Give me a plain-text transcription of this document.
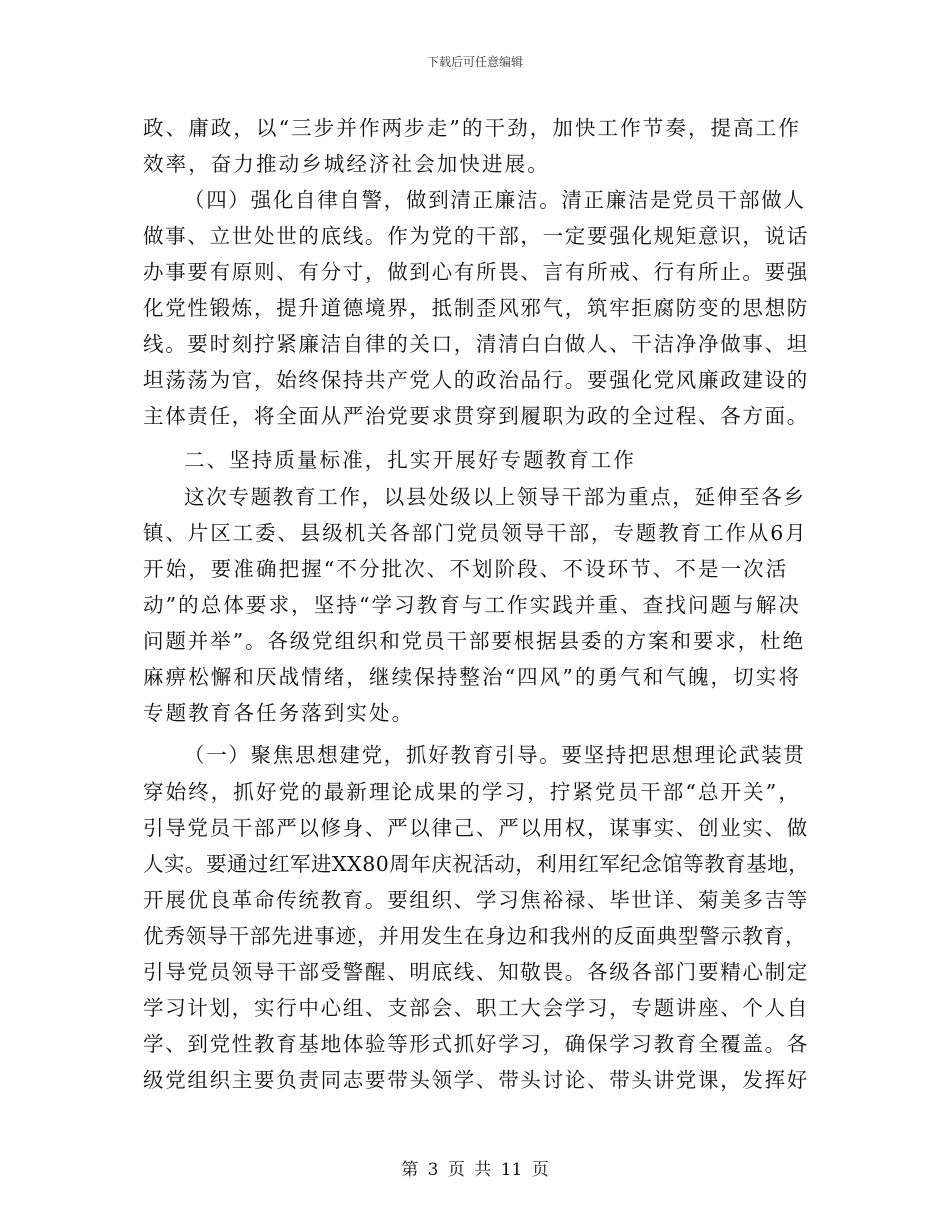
下载后可任意编辑
政、庸政，以“三步并作两步走”的干劲，加快工作节奏，提高工作
效率，奋力推动乡城经济社会加快进展。
（四）强化自律自警，做到清正廉洁。清正廉洁是党员干部做人
做事、立世处世的底线。作为党的干部，一定要强化规矩意识，说话
办事要有原则、有分寸，做到心有所畏、言有所戒、行有所止。要强
化党性锻炼，提升道德境界，抵制歪风邪气，筑牢拒腐防变的思想防
线。要时刻拧紧廉洁自律的关口，清清白白做人、干洁净净做事、坦
坦荡荡为官，始终保持共产党人的政治品行。要强化党风廉政建设的
主体责任，将全面从严治党要求贯穿到履职为政的全过程、各方面。
二、坚持质量标准，扎实开展好专题教育工作
这次专题教育工作，以县处级以上领导干部为重点，延伸至各乡
镇、片区工委、县级机关各部门党员领导干部，专题教育工作从6月
开始，要准确把握“不分批次、不划阶段、不设环节、不是一次活
动”的总体要求，坚持“学习教育与工作实践并重、查找问题与解决
问题并举”。各级党组织和党员干部要根据县委的方案和要求，杜绝
麻痹松懈和厌战情绪，继续保持整治“四风”的勇气和气魄，切实将
专题教育各任务落到实处。
（一）聚焦思想建党，抓好教育引导。要坚持把思想理论武装贯
穿始终，抓好党的最新理论成果的学习，拧紧党员干部“总开关”，
引导党员干部严以修身、严以律己、严以用权，谋事实、创业实、做
人实。要通过红军进XX80周年庆祝活动，利用红军纪念馆等教育基地，
开展优良革命传统教育。要组织、学习焦裕禄、毕世详、菊美多吉等
优秀领导干部先进事迹，并用发生在身边和我州的反面典型警示教育，
引导党员领导干部受警醒、明底线、知敬畏。各级各部门要精心制定
学习计划，实行中心组、支部会、职工大会学习，专题讲座、个人自
学、到党性教育基地体验等形式抓好学习，确保学习教育全覆盖。各
级党组织主要负责同志要带头领学、带头讨论、带头讲党课，发挥好
第 3 页 共 11 页
